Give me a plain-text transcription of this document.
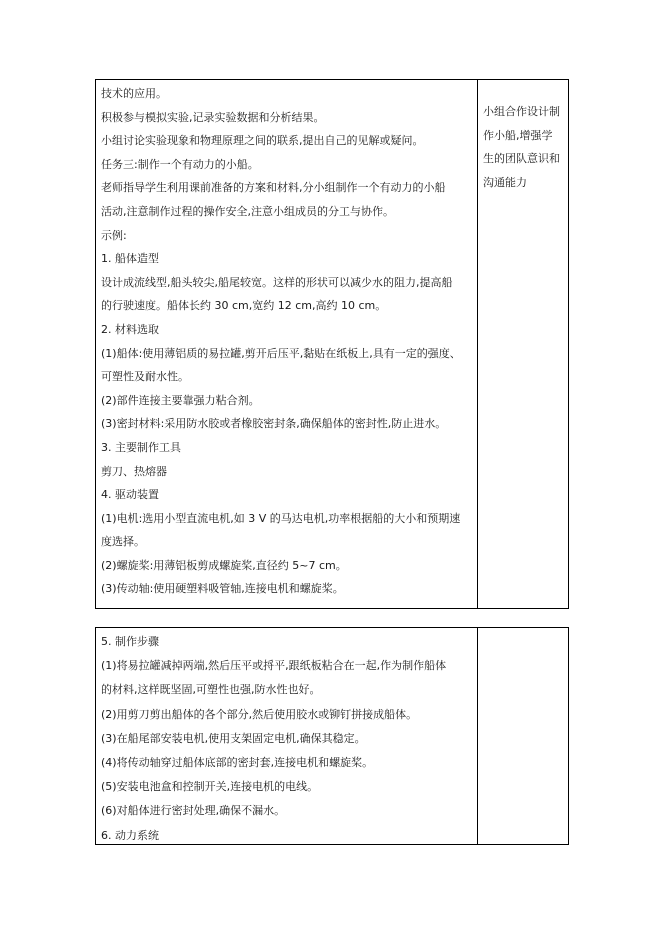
技术的应用。
积极参与模拟实验,记录实验数据和分析结果。
小组讨论实验现象和物理原理之间的联系,提出自己的见解或疑问。
任务三:制作一个有动力的小船。
老师指导学生利用课前准备的方案和材料,分小组制作一个有动力的小船
活动,注意制作过程的操作安全,注意小组成员的分工与协作。
示例:
1. 船体造型
设计成流线型,船头较尖,船尾较宽。这样的形状可以减少水的阻力,提高船
的行驶速度。船体长约 30 cm,宽约 12 cm,高约 10 cm。
2. 材料选取
(1)船体:使用薄铝质的易拉罐,剪开后压平,黏贴在纸板上,具有一定的强度、
可塑性及耐水性。
(2)部件连接主要靠强力粘合剂。
(3)密封材料:采用防水胶或者橡胶密封条,确保船体的密封性,防止进水。
3. 主要制作工具
剪刀、热熔器
4. 驱动装置
(1)电机:选用小型直流电机,如 3 V 的马达电机,功率根据船的大小和预期速
度选择。
(2)螺旋桨:用薄铝板剪成螺旋桨,直径约 5~7 cm。
(3)传动轴:使用硬塑料吸管轴,连接电机和螺旋桨。
小组合作设计制作小船,增强学生的团队意识和沟通能力
5. 制作步骤
(1)将易拉罐减掉两端,然后压平或捋平,跟纸板粘合在一起,作为制作船体
的材料,这样既坚固,可塑性也强,防水性也好。
(2)用剪刀剪出船体的各个部分,然后使用胶水或铆钉拼接成船体。
(3)在船尾部安装电机,使用支架固定电机,确保其稳定。
(4)将传动轴穿过船体底部的密封套,连接电机和螺旋桨。
(5)安装电池盒和控制开关,连接电机的电线。
(6)对船体进行密封处理,确保不漏水。
6. 动力系统
